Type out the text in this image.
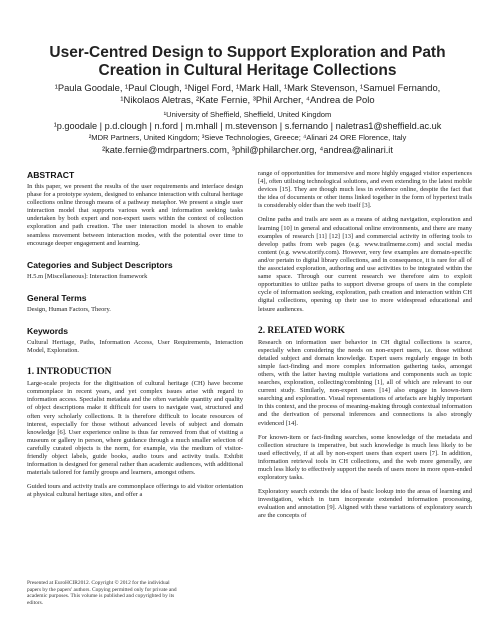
User-Centred Design to Support Exploration and Path Creation in Cultural Heritage Collections
¹Paula Goodale, ¹Paul Clough, ¹Nigel Ford, ¹Mark Hall, ¹Mark Stevenson, ¹Samuel Fernando,
¹Nikolaos Aletras, ²Kate Fernie, ³Phil Archer, ⁴Andrea de Polo
¹University of Sheffield, Sheffield, United Kingdom
¹p.goodale | p.d.clough | n.ford | m.mhall | m.stevenson | s.fernando | naletras1@sheffield.ac.uk
²MDR Partners, United Kingdom; ³Sieve Technologies, Greece; ⁴Alinari 24 ORE Florence, Italy
²kate.fernie@mdrpartners.com, ³phil@philarcher.org, ⁴andrea@alinari.it
ABSTRACT

In this paper, we present the results of the user requirements and interface design phase for a prototype system, designed to enhance interaction with cultural heritage collections online through means of a pathway metaphor. We present a single user interaction model that supports various work and information seeking tasks undertaken by both expert and non-expert users within the context of collection exploration and path creation. The user interaction model is shown to enable seamless movement between interaction modes, with the potential over time to encourage deeper engagement and learning.

Categories and Subject Descriptors

H.5.m [Miscellaneous]: Interaction framework

General Terms

Design, Human Factors, Theory.

Keywords

Cultural Heritage, Paths, Information Access, User Requirements, Interaction Model, Exploration.

1. INTRODUCTION

Large-scale projects for the digitisation of cultural heritage (CH) have become commonplace in recent years, and yet complex issues arise with regard to information access. Specialist metadata and the often variable quantity and quality of object descriptions make it difficult for users to navigate vast, structured and often very scholarly collections. It is therefore difficult to locate resources of interest, especially for those without advanced levels of subject and domain knowledge [6]. User experience online is thus far removed from that of visiting a museum or gallery in person, where guidance through a much smaller selection of carefully curated objects is the norm, for example, via the medium of visitor-friendly object labels, guide books, audio tours and activity trails. Exhibit information is designed for general rather than academic audiences, with additional materials tailored for family groups and learners, amongst others.

Guided tours and activity trails are commonplace offerings to aid visitor orientation at physical cultural heritage sites, and offer a

Presented at EuroHCIR2012. Copyright © 2012 for the individual papers by the papers' authors. Copying permitted only for private and academic purposes. This volume is published and copyrighted by its editors.

range of opportunities for immersive and more highly engaged visitor experiences [4], often utilising technological solutions, and even extending to the latest mobile devices [15]. They are though much less in evidence online, despite the fact that the idea of documents or other items linked together in the form of hypertext trails is considerably older than the web itself [3].

Online paths and trails are seen as a means of aiding navigation, exploration and learning [10] in general and educational online environments, and there are many examples of research [11] [12] [13] and commercial activity in offering tools to develop paths from web pages (e.g. www.trailmeme.com) and social media content (e.g. www.storify.com). However, very few examples are domain-specific and/or pertain to digital library collections, and in consequence, it is rare for all of the associated exploration, authoring and use activities to be integrated within the same space. Through our current research we therefore aim to exploit opportunities to utilize paths to support diverse groups of users in the complete cycle of information seeking, exploration, path creation and interaction within CH digital collections, opening up their use to more widespread educational and leisure audiences.

2. RELATED WORK

Research on information user behavior in CH digital collections is scarce, especially when considering the needs on non-expert users, i.e. those without detailed subject and domain knowledge. Expert users regularly engage in both simple fact-finding and more complex information gathering tasks, amongst others, with the latter having multiple variations and components such as topic searches, exploration, collecting/combining [1], all of which are relevant to our current study. Similarly, non-expert users [14] also engage in known-item searching and exploration. Visual representations of artefacts are highly important in this context, and the process of meaning-making through contextual information and the derivation of personal inferences and connections is also strongly evidenced [14].

For known-item or fact-finding searches, some knowledge of the metadata and collection structure is imperative, but such knowledge is much less likely to be used effectively, if at all by non-expert users than expert users [7]. In addition, information retrieval tools in CH collections, and the web more generally, are much less likely to effectively support the needs of users more in more open-ended exploratory tasks.

Exploratory search extends the idea of basic lookup into the areas of learning and investigation, which in turn incorporate extended information processing, evaluation and annotation [9]. Aligned with these variations of exploratory search are the concepts of
